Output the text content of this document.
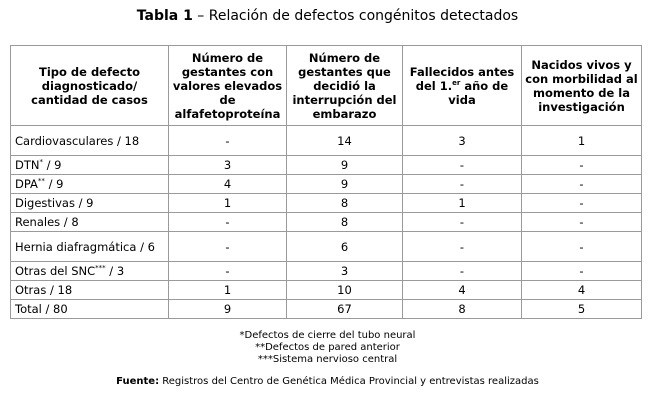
Tabla 1 – Relación de defectos congénitos detectados
Tipo de defecto diagnosticado/ cantidad de casos	Número de gestantes con valores elevados de alfafetoproteína	Número de gestantes que decidió la interrupción del embarazo	Fallecidos antes del 1.$^{er}$ año de vida	Nacidos vivos y con morbilidad al momento de la investigación
Cardiovasculares / 18	-	14	3	1
DTN* / 9	3	9	-	-
DPA** / 9	4	9	-	-
Digestivas / 9	1	8	1	-
Renales / 8	-	8	-	-
Hernia diafragmática / 6	-	6	-	-
Otras del SNC*** / 3	-	3	-	-
Otras / 18	1	10	4	4
Total / 80	9	67	8	5
*Defectos de cierre del tubo neural
**Defectos de pared anterior
***Sistema nervioso central
Fuente: Registros del Centro de Genética Médica Provincial y entrevistas realizadas
